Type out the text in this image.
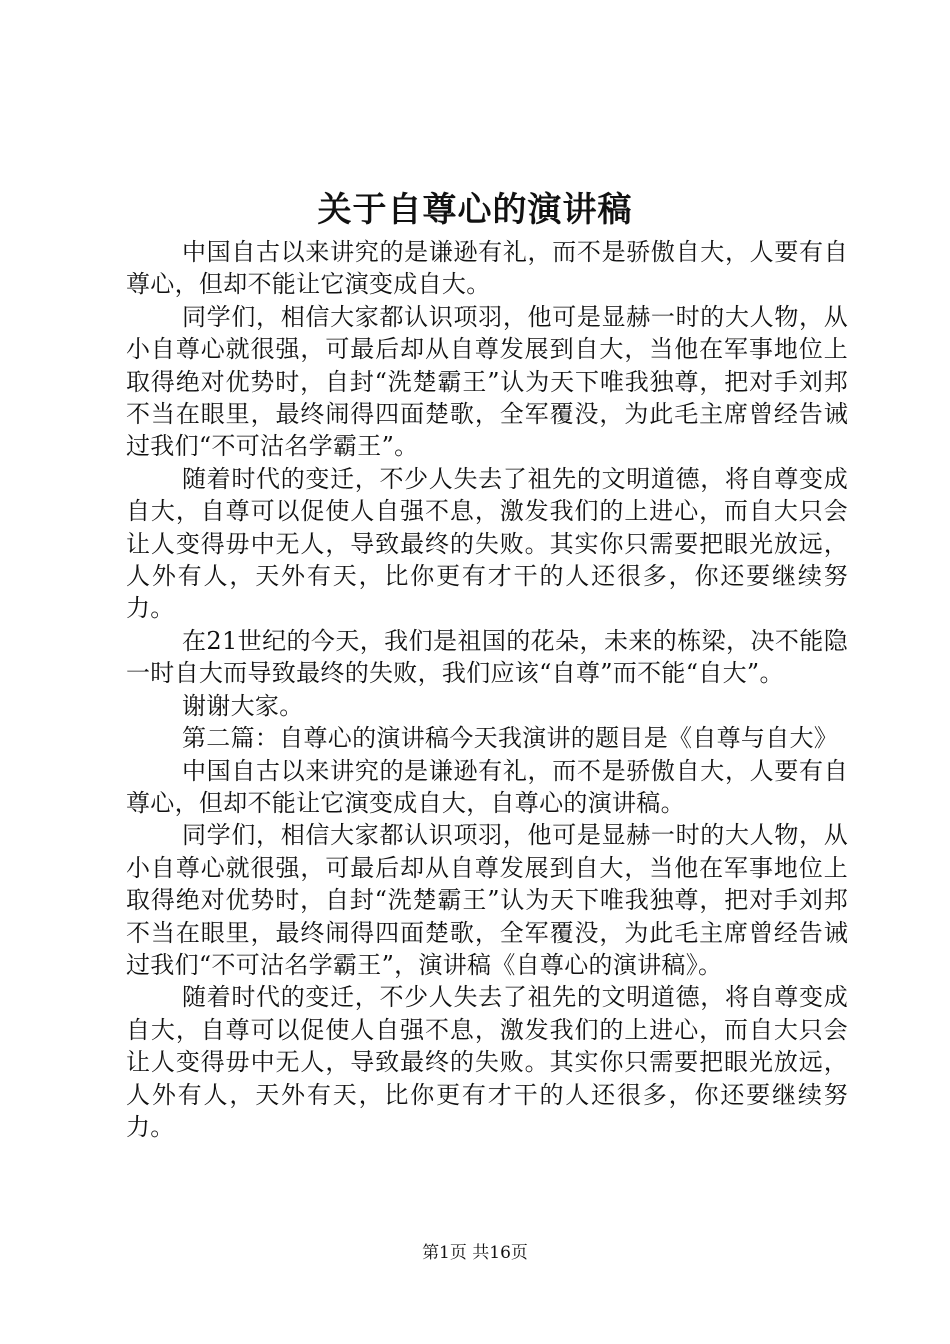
关于自尊心的演讲稿

中国自古以来讲究的是谦逊有礼，而不是骄傲自大，人要有自尊心，但却不能让它演变成自大。

同学们，相信大家都认识项羽，他可是显赫一时的大人物，从小自尊心就很强，可最后却从自尊发展到自大，当他在军事地位上取得绝对优势时，自封“洗楚霸王”认为天下唯我独尊，把对手刘邦不当在眼里，最终闹得四面楚歌，全军覆没，为此毛主席曾经告诫过我们“不可沽名学霸王”。

随着时代的变迁，不少人失去了祖先的文明道德，将自尊变成自大，自尊可以促使人自强不息，激发我们的上进心，而自大只会让人变得毋中无人，导致最终的失败。其实你只需要把眼光放远，人外有人，天外有天，比你更有才干的人还很多，你还要继续努力。

在21世纪的今天，我们是祖国的花朵，未来的栋梁，决不能隐一时自大而导致最终的失败，我们应该“自尊”而不能“自大”。

谢谢大家。

第二篇：自尊心的演讲稿今天我演讲的题目是《自尊与自大》

中国自古以来讲究的是谦逊有礼，而不是骄傲自大，人要有自尊心，但却不能让它演变成自大，自尊心的演讲稿。

同学们，相信大家都认识项羽，他可是显赫一时的大人物，从小自尊心就很强，可最后却从自尊发展到自大，当他在军事地位上取得绝对优势时，自封“洗楚霸王”认为天下唯我独尊，把对手刘邦不当在眼里，最终闹得四面楚歌，全军覆没，为此毛主席曾经告诫过我们“不可沽名学霸王”，演讲稿《自尊心的演讲稿》。

随着时代的变迁，不少人失去了祖先的文明道德，将自尊变成自大，自尊可以促使人自强不息，激发我们的上进心，而自大只会让人变得毋中无人，导致最终的失败。其实你只需要把眼光放远，人外有人，天外有天，比你更有才干的人还很多，你还要继续努力。

第1页 共16页
